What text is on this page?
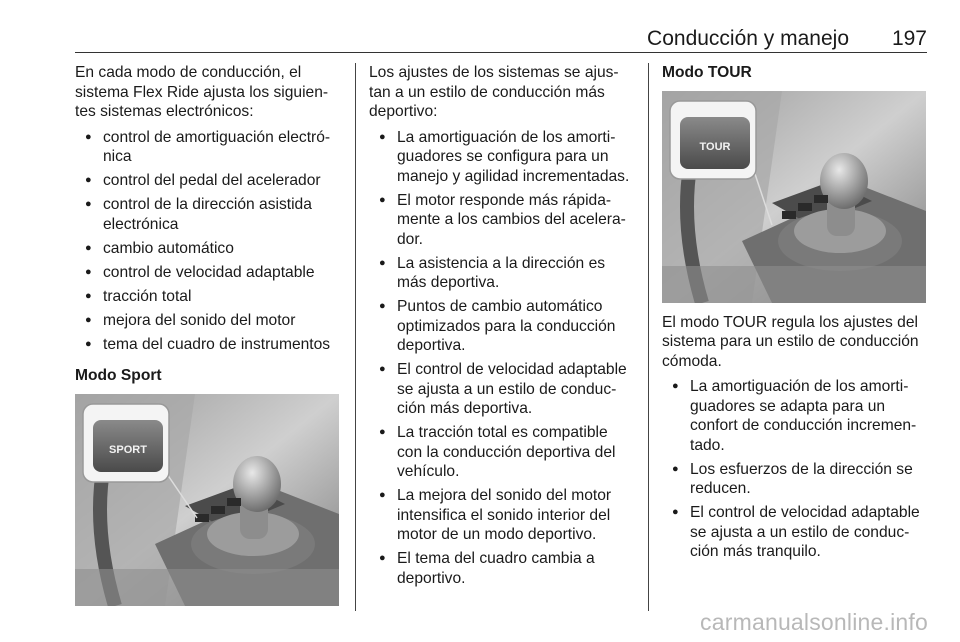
Conducción y manejo 197

En cada modo de conducción, el sistema Flex Ride ajusta los siguientes sistemas electrónicos:

● control de amortiguación electrónica
● control del pedal del acelerador
● control de la dirección asistida electrónica
● cambio automático
● control de velocidad adaptable
● tracción total
● mejora del sonido del motor
● tema del cuadro de instrumentos

Modo Sport

SPORT

Los ajustes de los sistemas se ajustan a un estilo de conducción más deportivo:

● La amortiguación de los amortiguadores se configura para un manejo y agilidad incrementadas.
● El motor responde más rápidamente a los cambios del acelerador.
● La asistencia a la dirección es más deportiva.
● Puntos de cambio automático optimizados para la conducción deportiva.
● El control de velocidad adaptable se ajusta a un estilo de conducción más deportiva.
● La tracción total es compatible con la conducción deportiva del vehículo.
● La mejora del sonido del motor intensifica el sonido interior del motor de un modo deportivo.
● El tema del cuadro cambia a deportivo.

Modo TOUR

TOUR

El modo TOUR regula los ajustes del sistema para un estilo de conducción cómoda.

● La amortiguación de los amortiguadores se adapta para un confort de conducción incrementado.
● Los esfuerzos de la dirección se reducen.
● El control de velocidad adaptable se ajusta a un estilo de conducción más tranquilo.
carmanualsonline.info
